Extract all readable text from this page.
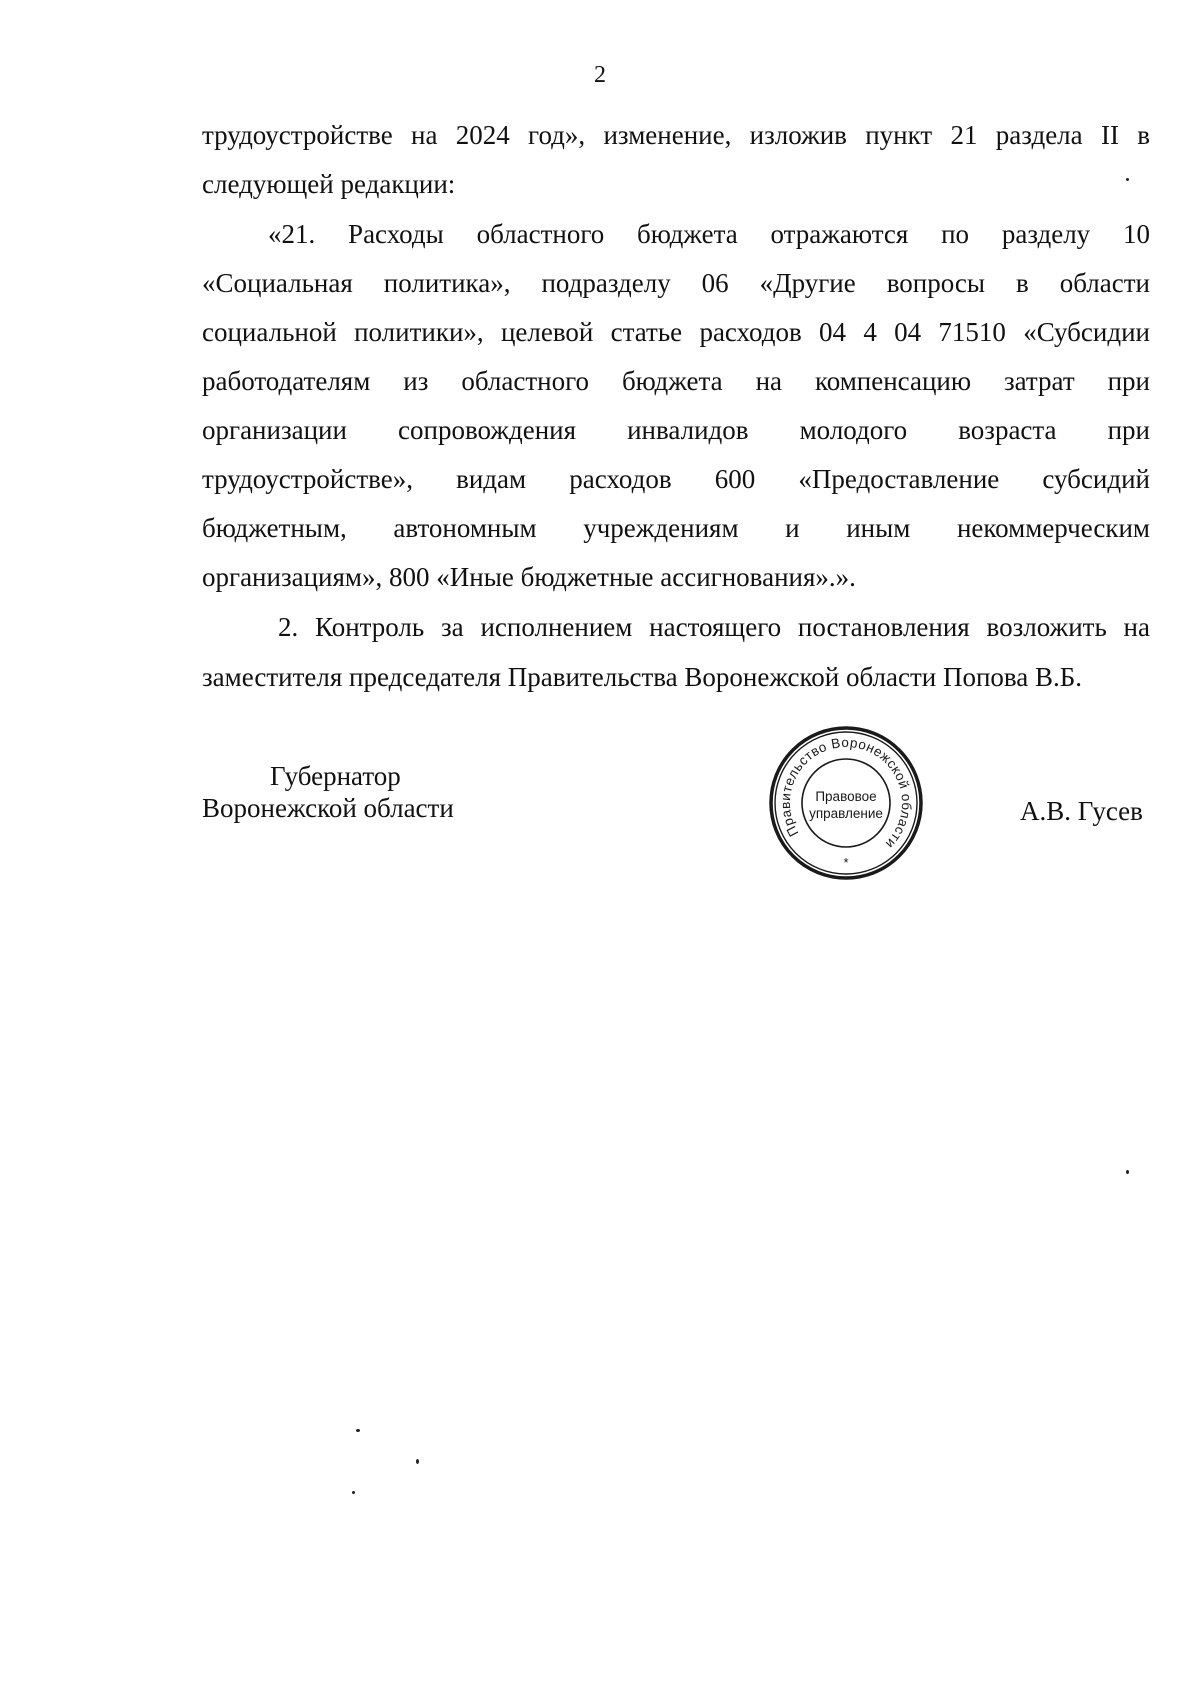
2
трудоустройстве на 2024 год», изменение, изложив пункт 21 раздела II в
следующей редакции:
«21. Расходы областного бюджета отражаются по разделу 10
«Социальная политика», подразделу 06 «Другие вопросы в области
социальной политики», целевой статье расходов 04 4 04 71510 «Субсидии
работодателям из областного бюджета на компенсацию затрат при
организации сопровождения инвалидов молодого возраста при
трудоустройстве», видам расходов 600 «Предоставление субсидий
бюджетным, автономным учреждениям и иным некоммерческим
организациям», 800 «Иные бюджетные ассигнования».».
2. Контроль за исполнением настоящего постановления возложить на
заместителя председателя Правительства Воронежской области Попова В.Б.
Губернатор
Воронежской области	А.В. Гусев
Правительство Воронежской области
Правовое
управление
*
